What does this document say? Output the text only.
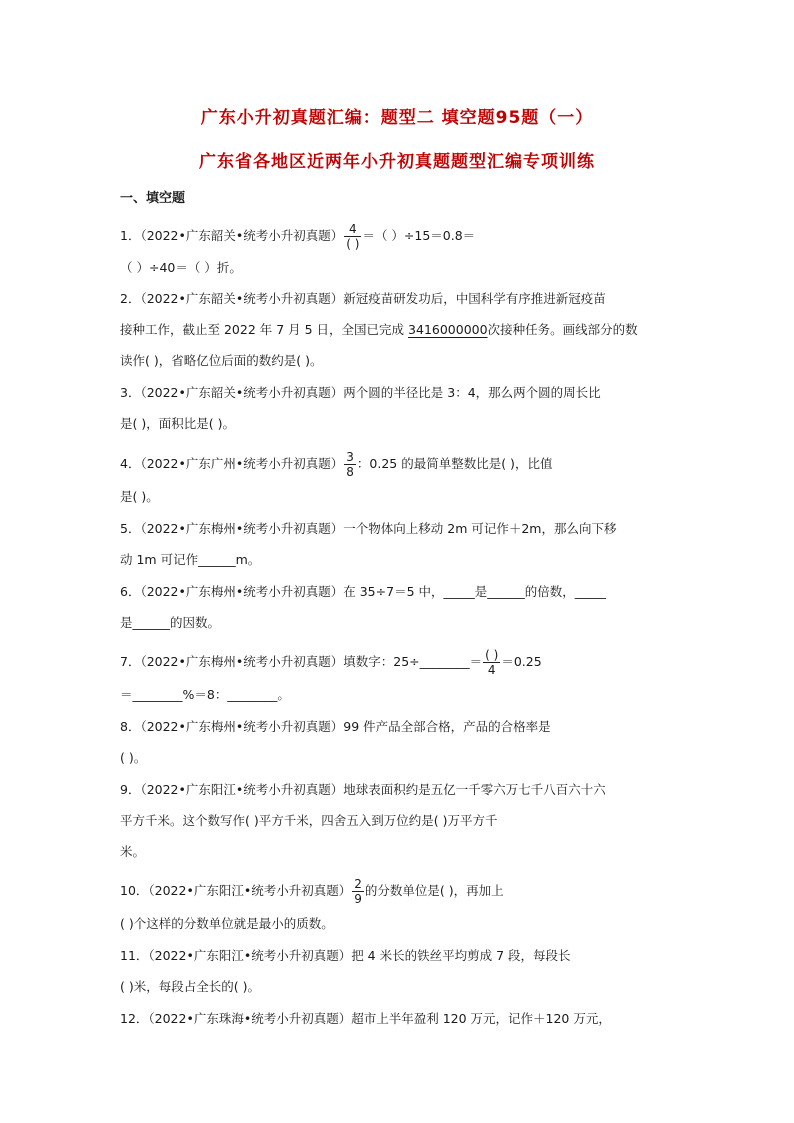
广东小升初真题汇编：题型二 填空题95题（一）
广东省各地区近两年小升初真题题型汇编专项训练
一、填空题
1．（2022•广东韶关•统考小升初真题） $\frac{4}{( )}$ ＝（ ）÷15＝0.8＝
（ ）÷40＝（ ）折。
2．（2022•广东韶关•统考小升初真题）新冠疫苗研发功后，中国科学有序推进新冠疫苗
接种工作，截止至 2022 年 7 月 5 日，全国已完成 3416000000次接种任务。画线部分的数
读作( )，省略亿位后面的数约是( )。
3．（2022•广东韶关•统考小升初真题）两个圆的半径比是 3：4，那么两个圆的周长比
是( )，面积比是( )。
4．（2022•广东广州•统考小升初真题） $\frac{3}{8}$ ：0.25 的最简单整数比是( )，比值
是( )。
5．（2022•广东梅州•统考小升初真题）一个物体向上移动 2m 可记作＋2m，那么向下移
动 1m 可记作______m。
6．（2022•广东梅州•统考小升初真题）在 35÷7＝5 中，_____是______的倍数，_____
是______的因数。
7．（2022•广东梅州•统考小升初真题）填数字：25÷________＝ $\frac{( )}{4} =0.25$
＝________%＝8：________。
8．（2022•广东梅州•统考小升初真题）99 件产品全部合格，产品的合格率是
( )。
9．（2022•广东阳江•统考小升初真题）地球表面积约是五亿一千零六万七千八百六十六
平方千米。这个数写作( )平方千米，四舍五入到万位约是( )万平方千
米。
10．（2022•广东阳江•统考小升初真题） $\frac{2}{9}$ 的分数单位是( )，再加上
( )个这样的分数单位就是最小的质数。
11．（2022•广东阳江•统考小升初真题）把 4 米长的铁丝平均剪成 7 段，每段长
( )米，每段占全长的( )。
12．（2022•广东珠海•统考小升初真题）超市上半年盈利 120 万元，记作＋120 万元，
